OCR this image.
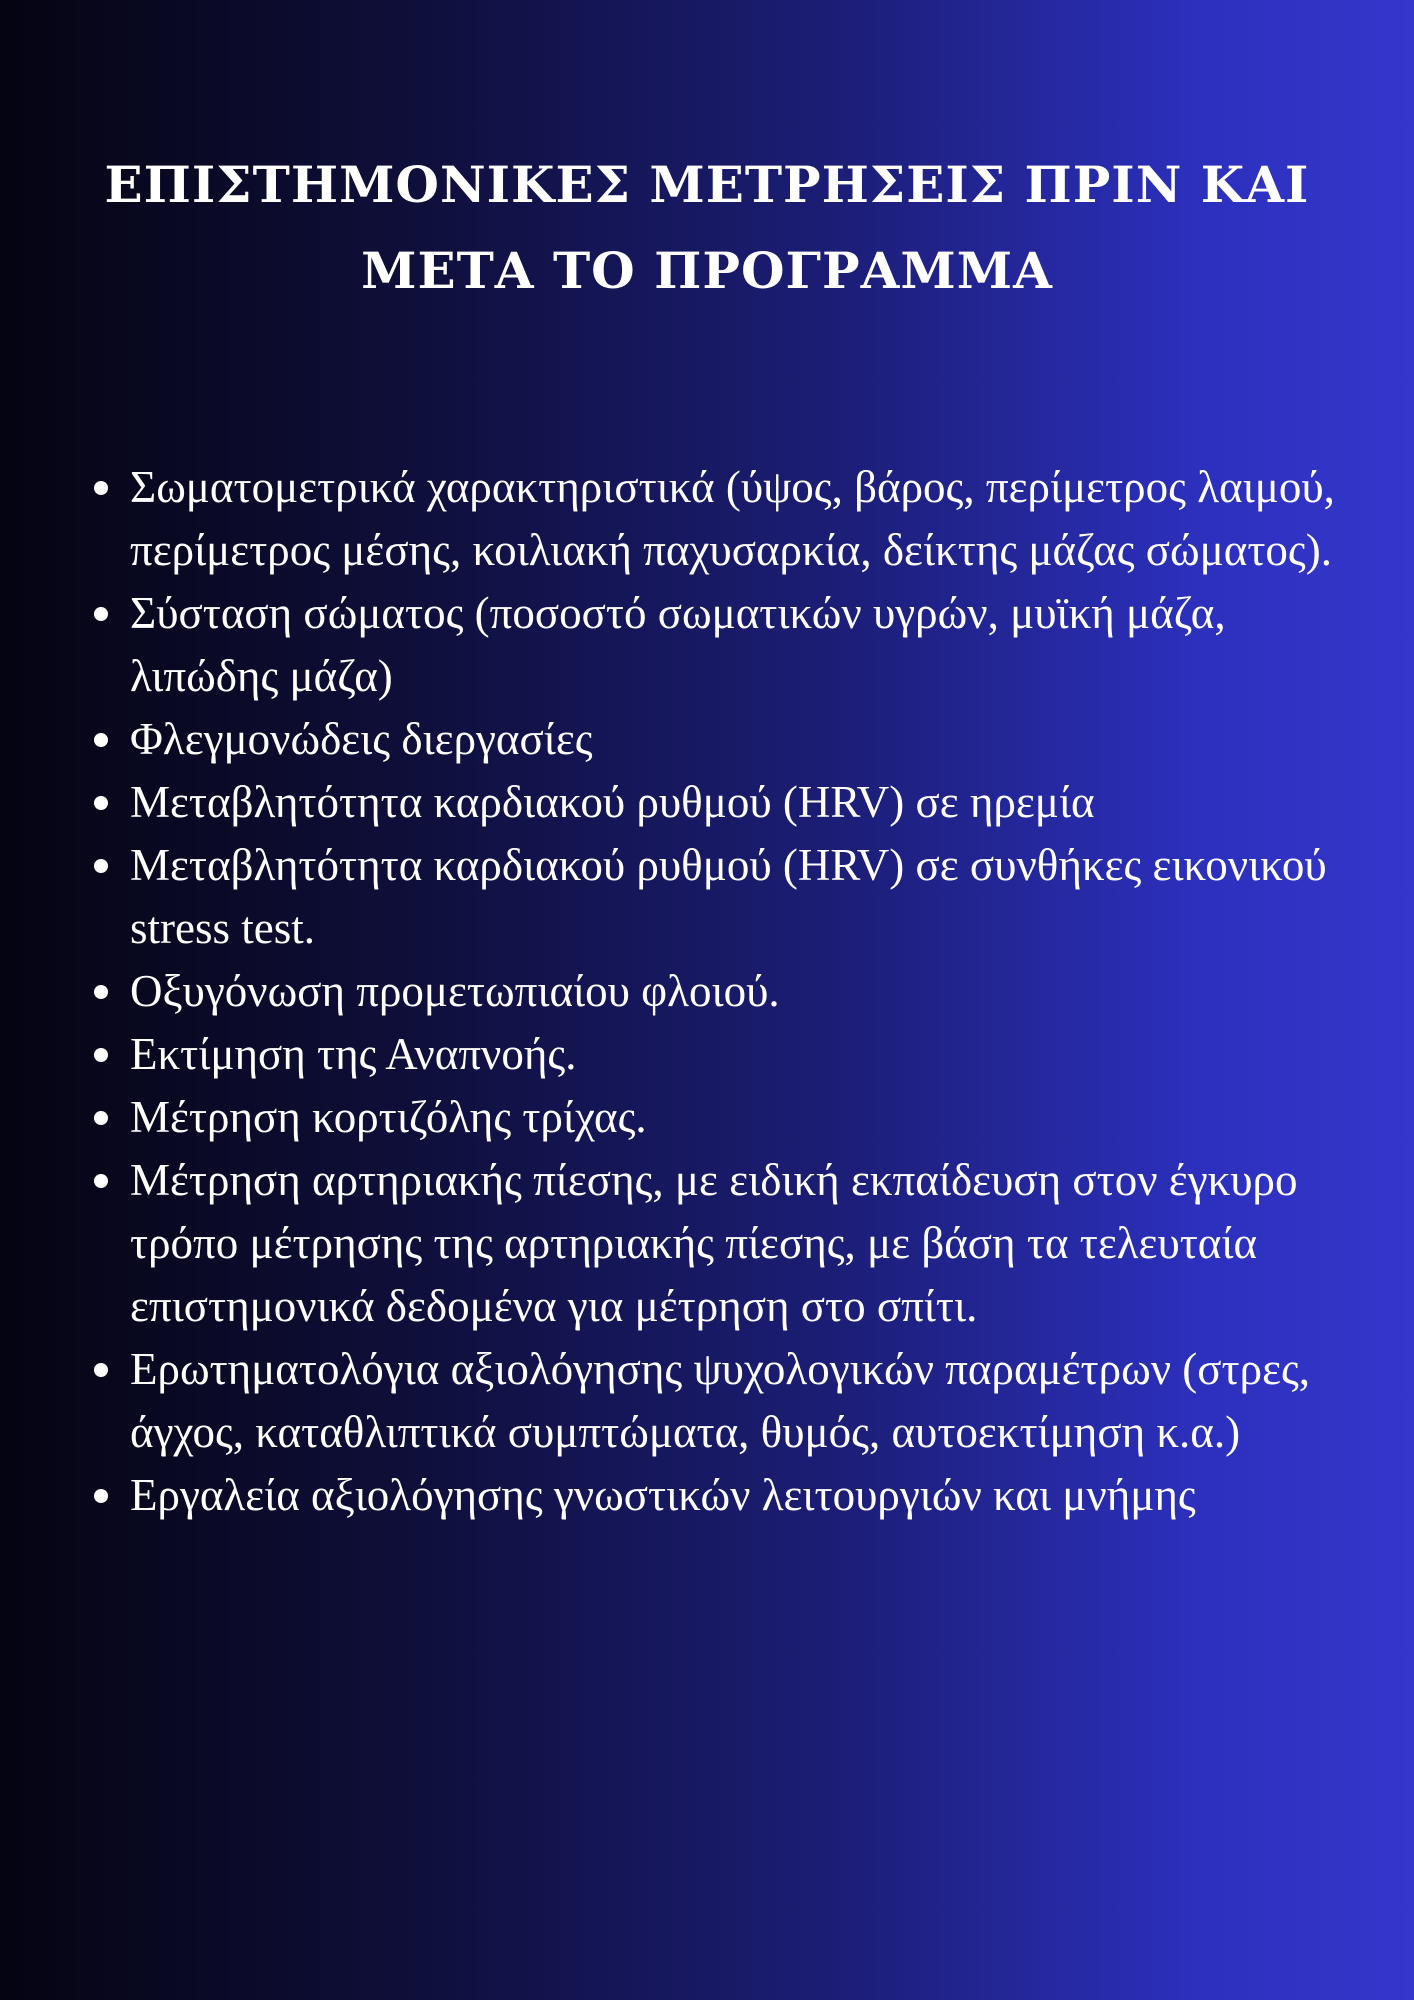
ΕΠΙΣΤΗΜΟΝΙΚΕΣ ΜΕΤΡΗΣΕΙΣ ΠΡΙΝ ΚΑΙ
ΜΕΤΑ ΤΟ ΠΡΟΓΡΑΜΜΑ
Σωματομετρικά χαρακτηριστικά (ύψος, βάρος, περίμετρος λαιμού, περίμετρος μέσης, κοιλιακή παχυσαρκία, δείκτης μάζας σώματος).
Σύσταση σώματος (ποσοστό σωματικών υγρών, μυϊκή μάζα, λιπώδης μάζα)
Φλεγμονώδεις διεργασίες
Μεταβλητότητα καρδιακού ρυθμού (HRV) σε ηρεμία
Μεταβλητότητα καρδιακού ρυθμού (HRV) σε συνθήκες εικονικού stress test.
Οξυγόνωση προμετωπιαίου φλοιού.
Εκτίμηση της Αναπνοής.
Μέτρηση κορτιζόλης τρίχας.
Μέτρηση αρτηριακής πίεσης, με ειδική εκπαίδευση στον έγκυρο τρόπο μέτρησης της αρτηριακής πίεσης, με βάση τα τελευταία επιστημονικά δεδομένα για μέτρηση στο σπίτι.
Ερωτηματολόγια αξιολόγησης ψυχολογικών παραμέτρων (στρες, άγχος, καταθλιπτικά συμπτώματα, θυμός, αυτοεκτίμηση κ.α.)
Εργαλεία αξιολόγησης γνωστικών λειτουργιών και μνήμης
